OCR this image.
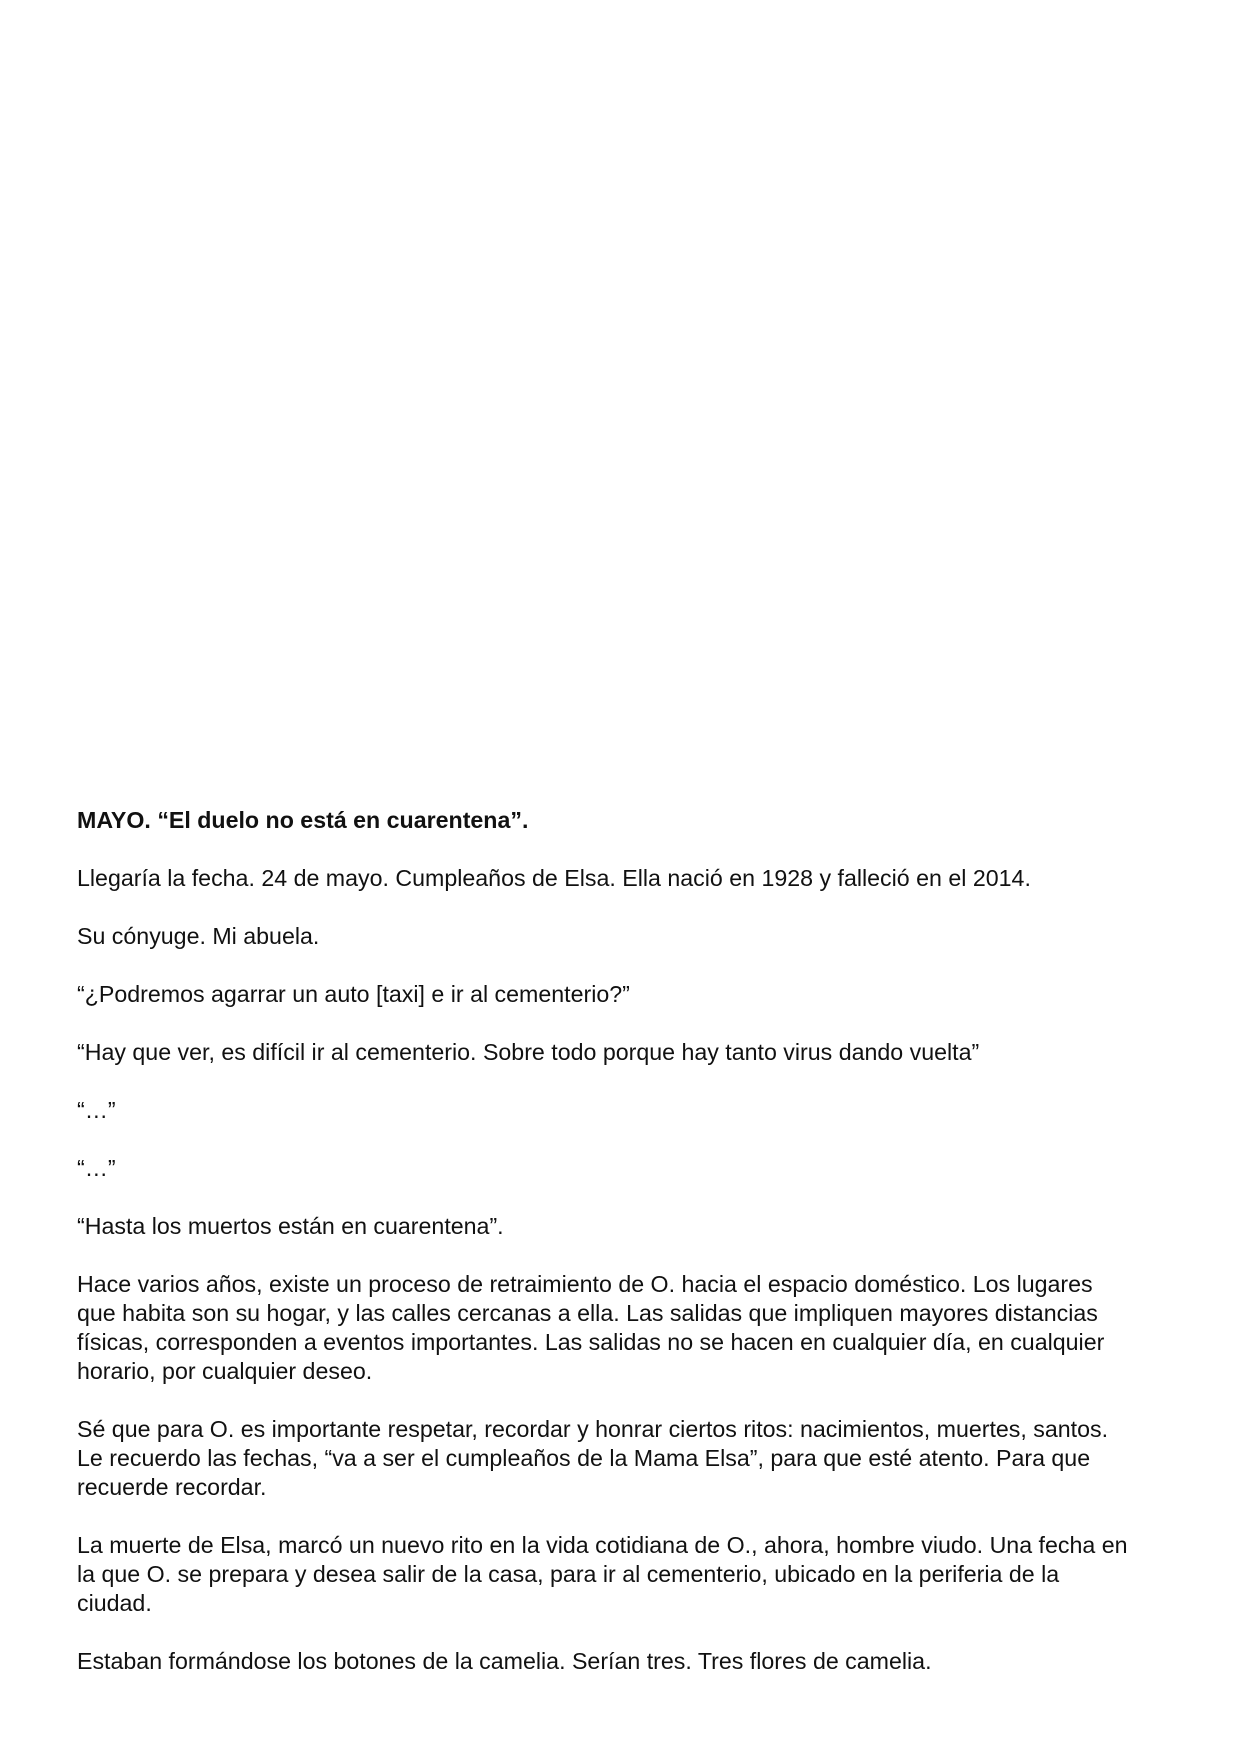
MAYO. “El duelo no está en cuarentena”.

Llegaría la fecha. 24 de mayo. Cumpleaños de Elsa. Ella nació en 1928 y falleció en el 2014.

Su cónyuge. Mi abuela.

“¿Podremos agarrar un auto [taxi] e ir al cementerio?”

“Hay que ver, es difícil ir al cementerio. Sobre todo porque hay tanto virus dando vuelta”

“…”

“…”

“Hasta los muertos están en cuarentena”.

Hace varios años, existe un proceso de retraimiento de O. hacia el espacio doméstico. Los lugares que habita son su hogar, y las calles cercanas a ella. Las salidas que impliquen mayores distancias físicas, corresponden a eventos importantes. Las salidas no se hacen en cualquier día, en cualquier horario, por cualquier deseo.

Sé que para O. es importante respetar, recordar y honrar ciertos ritos: nacimientos, muertes, santos. Le recuerdo las fechas, “va a ser el cumpleaños de la Mama Elsa”, para que esté atento. Para que recuerde recordar.

La muerte de Elsa, marcó un nuevo rito en la vida cotidiana de O., ahora, hombre viudo. Una fecha en la que O. se prepara y desea salir de la casa, para ir al cementerio, ubicado en la periferia de la ciudad.

Estaban formándose los botones de la camelia. Serían tres. Tres flores de camelia.
